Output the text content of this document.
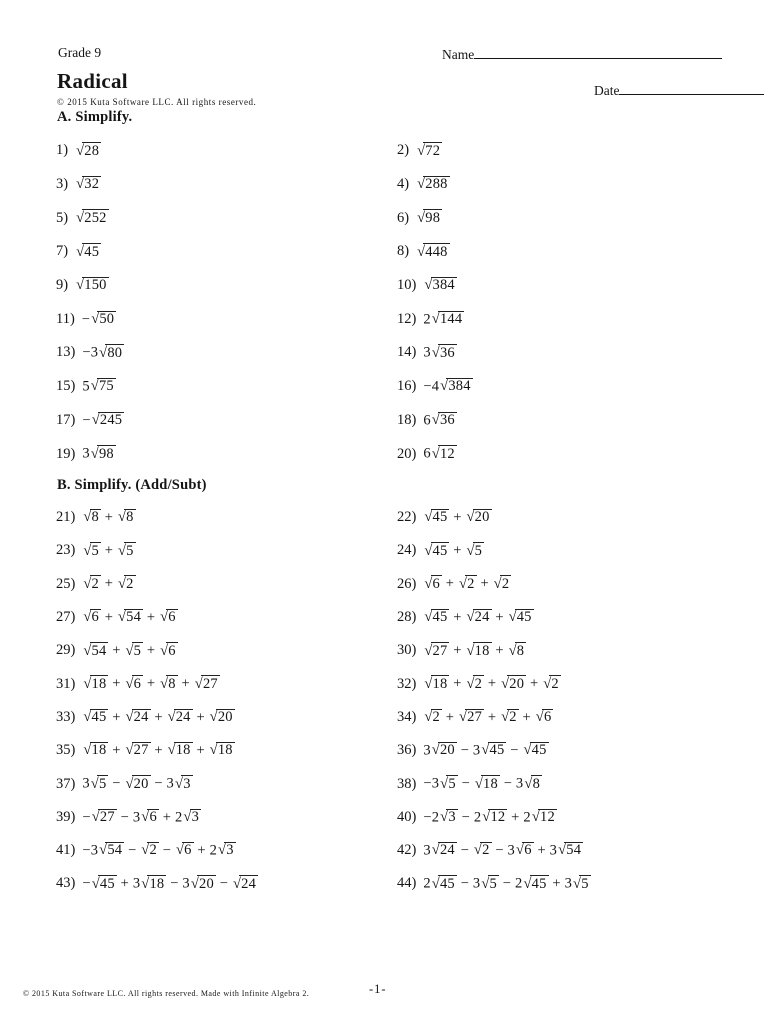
Grade 9	Name
Radical
© 2015 Kuta Software LLC. All rights reserved.
Date
A. Simplify.
1) √28	2) √72
3) √32	4) √288
5) √252	6) √98
7) √45	8) √448
9) √150	10) √384
11) −√50	12) 2√144
13) −3√80	14) 3√36
15) 5√75	16) −4√384
17) −√245	18) 6√36
19) 3√98	20) 6√12
B. Simplify. (Add/Subt)
21) √8 + √8	22) √45 + √20
23) √5 + √5	24) √45 + √5
25) √2 + √2	26) √6 + √2 + √2
27) √6 + √54 + √6	28) √45 + √24 + √45
29) √54 + √5 + √6	30) √27 + √18 + √8
31) √18 + √6 + √8 + √27	32) √18 + √2 + √20 + √2
33) √45 + √24 + √24 + √20	34) √2 + √27 + √2 + √6
35) √18 + √27 + √18 + √18	36) 3√20 − 3√45 − √45
37) 3√5 − √20 − 3√3	38) −3√5 − √18 − 3√8
39) −√27 − 3√6 + 2√3	40) −2√3 − 2√12 + 2√12
41) −3√54 − √2 − √6 + 2√3	42) 3√24 − √2 − 3√6 + 3√54
43) −√45 + 3√18 − 3√20 − √24	44) 2√45 − 3√5 − 2√45 + 3√5
© 2015 Kuta Software LLC. All rights reserved. Made with Infinite Algebra 2.	-1-
